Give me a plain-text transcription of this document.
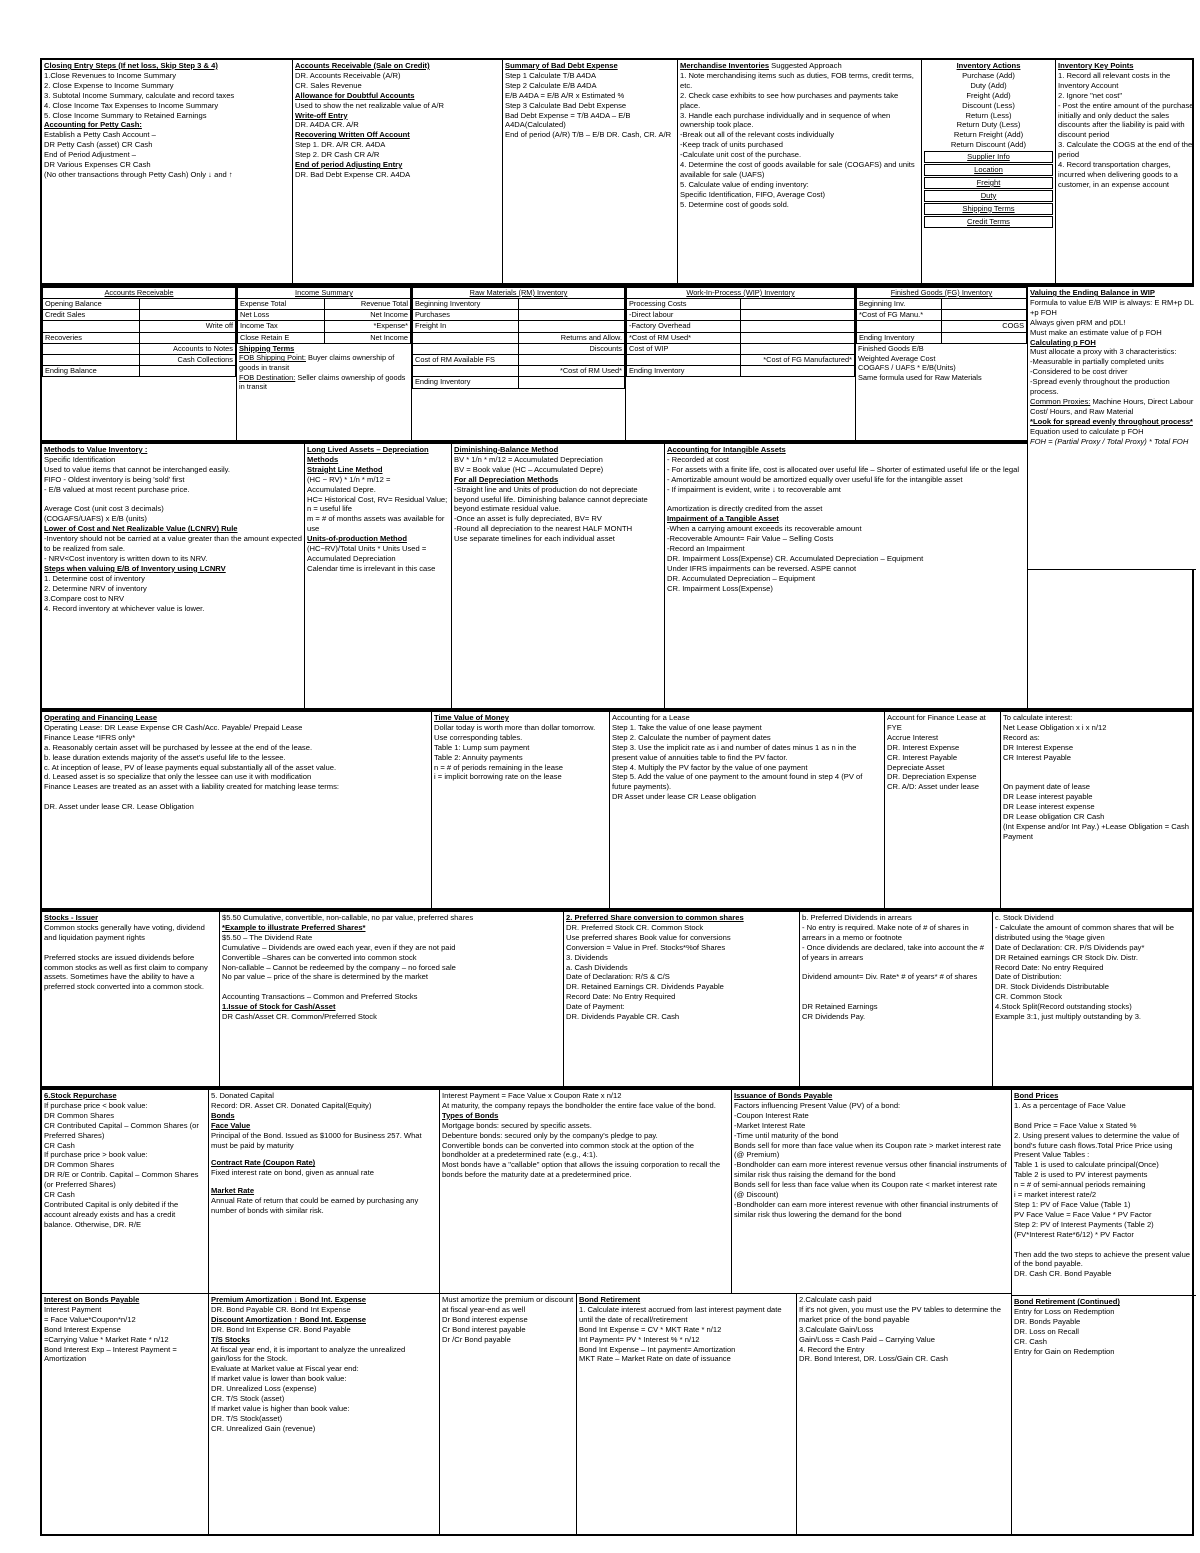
Closing Entry Steps (If net loss, Skip Step 3 & 4)
1.Close Revenues to Income Summary
2. Close Expense to Income Summary
3. Subtotal Income Summary, calculate and record taxes
4. Close Income Tax Expenses to Income Summary
5. Close Income Summary to Retained Earnings
Accounting for Petty Cash:
Establish a Petty Cash Account –
DR Petty Cash (asset) CR Cash
End of Period Adjustment –
DR Various Expenses CR Cash
(No other transactions through Petty Cash) Only ↓ and ↑
Accounts Receivable (Sale on Credit)
DR. Accounts Receivable (A/R)
CR. Sales Revenue
Allowance for Doubtful Accounts
Used to show the net realizable value of A/R
Write-off Entry
DR. A4DA CR. A/R
Recovering Written Off Account
Step 1. DR. A/R CR. A4DA
Step 2. DR Cash CR A/R
End of period Adjusting Entry
DR. Bad Debt Expense CR. A4DA
Summary of Bad Debt Expense
Step 1 Calculate T/B A4DA
Step 2 Calculate E/B A4DA
E/B A4DA = E/B A/R x Estimated %
Step 3 Calculate Bad Debt Expense
Bad Debt Expense = T/B A4DA – E/B A4DA(Calculated)
End of period (A/R) T/B – E/B DR. Cash, CR. A/R
Merchandise Inventories Suggested Approach
1. Note merchandising items such as duties, FOB terms, credit terms, etc.
2. Check case exhibits to see how purchases and payments take place.
3. Handle each purchase individually and in sequence of when ownership took place.
-Break out all of the relevant costs individually
-Keep track of units purchased
-Calculate unit cost of the purchase.
4. Determine the cost of goods available for sale (COGAFS) and units available for sale (UAFS)
5. Calculate value of ending inventory:
Specific Identification, FIFO, Average Cost)
5. Determine cost of goods sold.
Inventory Actions
Purchase (Add)
Duty (Add)
Freight (Add)
Discount (Less)
Return (Less)
Return Duty (Less)
Return Freight (Add)
Return Discount (Add)
Supplier Info
Location
Freight
Duty
Shipping Terms
Credit Terms
Inventory Key Points
1. Record all relevant costs in the Inventory Account
2. Ignore "net cost"
- Post the entire amount of the purchase initially and only deduct the sales discounts after the liability is paid with discount period
3. Calculate the COGS at the end of the period
4. Record transportation charges, incurred when delivering goods to a customer, in an expense account
Accounts Receivable	
Opening Balance	
Credit Sales	
	Write off
Recoveries	
	Accounts to Notes
	Cash Collections
Ending Balance	
Income Summary	
Expense Total	Revenue Total
Net Loss	Net Income
Income Tax	*Expense*
Close Retain E	Net Income
Shipping Terms
FOB Shipping Point: Buyer claims ownership of goods in transit
FOB Destination: Seller claims ownership of goods in transit
Raw Materials (RM) Inventory	
Beginning Inventory	
Purchases	
Freight In	
	Returns and Allow.
	Discounts
Cost of RM Available FS	
	*Cost of RM Used*
Ending Inventory	
Work-In-Process (WIP) Inventory	
Processing Costs	
-Direct labour	
-Factory Overhead	
*Cost of RM Used*	
Cost of WIP	
	*Cost of FG Manufactured*
Ending Inventory	
Finished Goods (FG) Inventory	
Beginning Inv.	
*Cost of FG Manu.*	
	COGS
Ending Inventory	
Finished Goods E/B
Weighted Average Cost
COGAFS / UAFS * E/B(Units)
Same formula used for Raw Materials
Valuing the Ending Balance in WIP
Formula to value E/B WIP is always: E RM+p DL +p FOH
Always given pRM and pDL!
Must make an estimate value of p FOH
Calculating p FOH
Must allocate a proxy with 3 characteristics:
-Measurable in partially completed units
-Considered to be cost driver
-Spread evenly throughout the production process.
Common Proxies: Machine Hours, Direct Labour Cost/ Hours, and Raw Material
*Look for spread evenly throughout process*
Equation used to calculate p FOH
FOH = (Partial Proxy / Total Proxy) * Total FOH
Methods to Value Inventory :
Specific Identification
Used to value items that cannot be interchanged easily.
FIFO - Oldest inventory is being 'sold' first
- E/B valued at most recent purchase price.

Average Cost (unit cost 3 decimals)
(COGAFS/UAFS) x E/B (units)
Lower of Cost and Net Realizable Value (LCNRV) Rule
-Inventory should not be carried at a value greater than the amount expected to be realized from sale.
- NRV<Cost inventory is written down to its NRV.
Steps when valuing E/B of Inventory using LCNRV
1. Determine cost of inventory
2. Determine NRV of inventory
3.Compare cost to NRV
4. Record inventory at whichever value is lower.
Long Lived Assets – Depreciation Methods
Straight Line Method
(HC − RV) * 1/n * m/12 =
Accumulated Depre.
HC= Historical Cost, RV= Residual Value;
n = useful life
m = # of months assets was available for use
Units-of-production Method
(HC−RV)/Total Units * Units Used =
Accumulated Depreciation
Calendar time is irrelevant in this case
Diminishing-Balance Method
BV * 1/n * m/12 = Accumulated Depreciation
BV = Book value (HC – Accumulated Depre)
For all Depreciation Methods
-Straight line and Units of production do not depreciate beyond useful life. Diminishing balance cannot depreciate beyond estimate residual value.
-Once an asset is fully depreciated, BV= RV
-Round all depreciation to the nearest HALF MONTH
Use separate timelines for each individual asset
Accounting for Intangible Assets
- Recorded at cost
- For assets with a finite life, cost is allocated over useful life – Shorter of estimated useful life or the legal
- Amortizable amount would be amortized equally over useful life for the intangible asset
- If impairment is evident, write ↓ to recoverable amt

Amortization is directly credited from the asset
Impairment of a Tangible Asset
-When a carrying amount exceeds its recoverable amount
-Recoverable Amount= Fair Value – Selling Costs
-Record an Impairment
DR. Impairment Loss(Expense) CR. Accumulated Depreciation – Equipment
Under IFRS impairments can be reversed. ASPE cannot
DR. Accumulated Depreciation – Equipment
CR. Impairment Loss(Expense)
Operating and Financing Lease
Operating Lease: DR Lease Expense CR Cash/Acc. Payable/ Prepaid Lease
Finance Lease *IFRS only*
a. Reasonably certain asset will be purchased by lessee at the end of the lease.
b. lease duration extends majority of the asset's useful life to the lessee.
c. At inception of lease, PV of lease payments equal substantially all of the asset value.
d. Leased asset is so specialize that only the lessee can use it with modification
Finance Leases are treated as an asset with a liability created for matching lease terms:

DR. Asset under lease CR. Lease Obligation
Time Value of Money
Dollar today is worth more than dollar tomorrow. Use corresponding tables.
Table 1: Lump sum payment
Table 2: Annuity payments
n = # of periods remaining in the lease
i = implicit borrowing rate on the lease
Accounting for a Lease
Step 1. Take the value of one lease payment
Step 2. Calculate the number of payment dates
Step 3. Use the implicit rate as i and number of dates minus 1 as n in the present value of annuities table to find the PV factor.
Step 4. Multiply the PV factor by the value of one payment
Step 5. Add the value of one payment to the amount found in step 4 (PV of future payments).
DR Asset under lease CR Lease obligation
Account for Finance Lease at FYE
Accrue Interest
DR. Interest Expense
CR. Interest Payable
Depreciate Asset
DR. Depreciation Expense
CR. A/D: Asset under lease
To calculate interest:
Net Lease Obligation x i x n/12
Record as:
DR Interest Expense
CR Interest Payable

On payment date of lease
DR Lease interest payable
DR Lease interest expense
DR Lease obligation CR Cash
(Int Expense and/or Int Pay.) +Lease Obligation = Cash Payment
Stocks - Issuer
Common stocks generally have voting, dividend and liquidation payment rights

Preferred stocks are issued dividends before common stocks as well as first claim to company assets. Sometimes have the ability to have a preferred stock converted into a common stock.
$5.50 Cumulative, convertible, non-callable, no par value, preferred shares
*Example to illustrate Preferred Shares*
$5.50 – The Dividend Rate
Cumulative – Dividends are owed each year, even if they are not paid
Convertible –Shares can be converted into common stock
Non-callable – Cannot be redeemed by the company – no forced sale
No par value – price of the share is determined by the market

Accounting Transactions – Common and Preferred Stocks
1.Issue of Stock for Cash/Asset
DR Cash/Asset CR. Common/Preferred Stock
2. Preferred Share conversion to common shares
DR. Preferred Stock CR. Common Stock
Use preferred shares Book value for conversions
Conversion = Value in Pref. Stocks*%of Shares
3. Dividends
a. Cash Dividends
Date of Declaration: R/S & C/S
DR. Retained Earnings CR. Dividends Payable
Record Date: No Entry Required
Date of Payment:
DR. Dividends Payable CR. Cash
b. Preferred Dividends in arrears
- No entry is required. Make note of # of shares in arrears in a memo or footnote
- Once dividends are declared, take into account the # of years in arrears

Dividend amount= Div. Rate* # of years* # of shares

DR Retained Earnings
CR Dividends Pay.
c. Stock Dividend
- Calculate the amount of common shares that will be distributed using the %age given
Date of Declaration: CR. P/S Dividends pay*
DR Retained earnings CR Stock Div. Distr.
Record Date: No entry Required
Date of Distribution:
DR. Stock Dividends Distributable
CR. Common Stock
4.Stock Split(Record outstanding stocks)
Example 3:1, just multiply outstanding by 3.
6.Stock Repurchase
If purchase price < book value:
DR Common Shares
CR Contributed Capital – Common Shares (or Preferred Shares)
CR Cash
If purchase price > book value:
DR Common Shares
DR R/E or Contrib. Capital – Common Shares (or Preferred Shares)
CR Cash
Contributed Capital is only debited if the account already exists and has a credit balance. Otherwise, DR. R/E
5. Donated Capital
Record: DR. Asset CR. Donated Capital(Equity)
Bonds
Face Value
Principal of the Bond. Issued as $1000 for Business 257. What must be paid by maturity
Contract Rate (Coupon Rate)
Fixed interest rate on bond, given as annual rate
Market Rate
Annual Rate of return that could be earned by purchasing any number of bonds with similar risk.
Interest Payment = Face Value x Coupon Rate x n/12
At maturity, the company repays the bondholder the entire face value of the bond.
Types of Bonds
Mortgage bonds: secured by specific assets.
Debenture bonds: secured only by the company's pledge to pay.
Convertible bonds can be converted into common stock at the option of the bondholder at a predetermined rate (e.g., 4:1).
Most bonds have a "callable" option that allows the issuing corporation to recall the bonds before the maturity date at a predetermined price.
Issuance of Bonds Payable
Factors influencing Present Value (PV) of a bond:
-Coupon Interest Rate
-Market Interest Rate
-Time until maturity of the bond
Bonds sell for more than face value when its Coupon rate > market interest rate (@ Premium)
-Bondholder can earn more interest revenue versus other financial instruments of similar risk thus raising the demand for the bond
Bonds sell for less than face value when its Coupon rate < market interest rate (@ Discount)
-Bondholder can earn more interest revenue with other financial instruments of similar risk thus lowering the demand for the bond
Bond Prices
1. As a percentage of Face Value

Bond Price = Face Value x Stated %
2. Using present values to determine the value of bond's future cash flows.Total Price Price using Present Value Tables :
Table 1 is used to calculate principal(Once)
Table 2 is used to PV interest payments
n = # of semi-annual periods remaining
i = market interest rate/2
Step 1: PV of Face Value (Table 1)
PV Face Value = Face Value * PV Factor
Step 2: PV of Interest Payments (Table 2)
(FV*Interest Rate*6/12) * PV Factor

Then add the two steps to achieve the present value of the bond payable.
DR. Cash CR. Bond Payable
Bond Retirement (Continued)
Entry for Loss on Redemption
DR. Bonds Payable
DR. Loss on Recall
CR. Cash
Entry for Gain on Redemption
Interest on Bonds Payable
Interest Payment
= Face Value*Coupon*n/12
Bond Interest Expense
=Carrying Value * Market Rate * n/12
Bond Interest Exp – Interest Payment = Amortization
Premium Amortization ↓ Bond Int. Expense
DR. Bond Payable CR. Bond Int Expense
Discount Amortization ↑ Bond Int. Expense
DR. Bond Int Expense CR. Bond Payable
T/S Stocks
At fiscal year end, it is important to analyze the unrealized gain/loss for the Stock.
Evaluate at Market value at Fiscal year end:
If market value is lower than book value:
DR. Unrealized Loss (expense)
CR. T/S Stock (asset)
If market value is higher than book value:
DR. T/S Stock(asset)
CR. Unrealized Gain (revenue)
Must amortize the premium or discount at fiscal year-end as well
Dr Bond interest expense
Cr Bond interest payable
Dr /Cr Bond payable
Bond Retirement
1. Calculate interest accrued from last interest payment date until the date of recall/retirement
Bond Int Expense = CV * MKT Rate * n/12
Int Payment= PV * Interest % * n/12
Bond Int Expense – Int payment= Amortization
MKT Rate – Market Rate on date of issuance
2.Calculate cash paid
If it's not given, you must use the PV tables to determine the market price of the bond payable
3.Calculate Gain/Loss
Gain/Loss = Cash Paid – Carrying Value
4. Record the Entry
DR. Bond Interest, DR. Loss/Gain CR. Cash
